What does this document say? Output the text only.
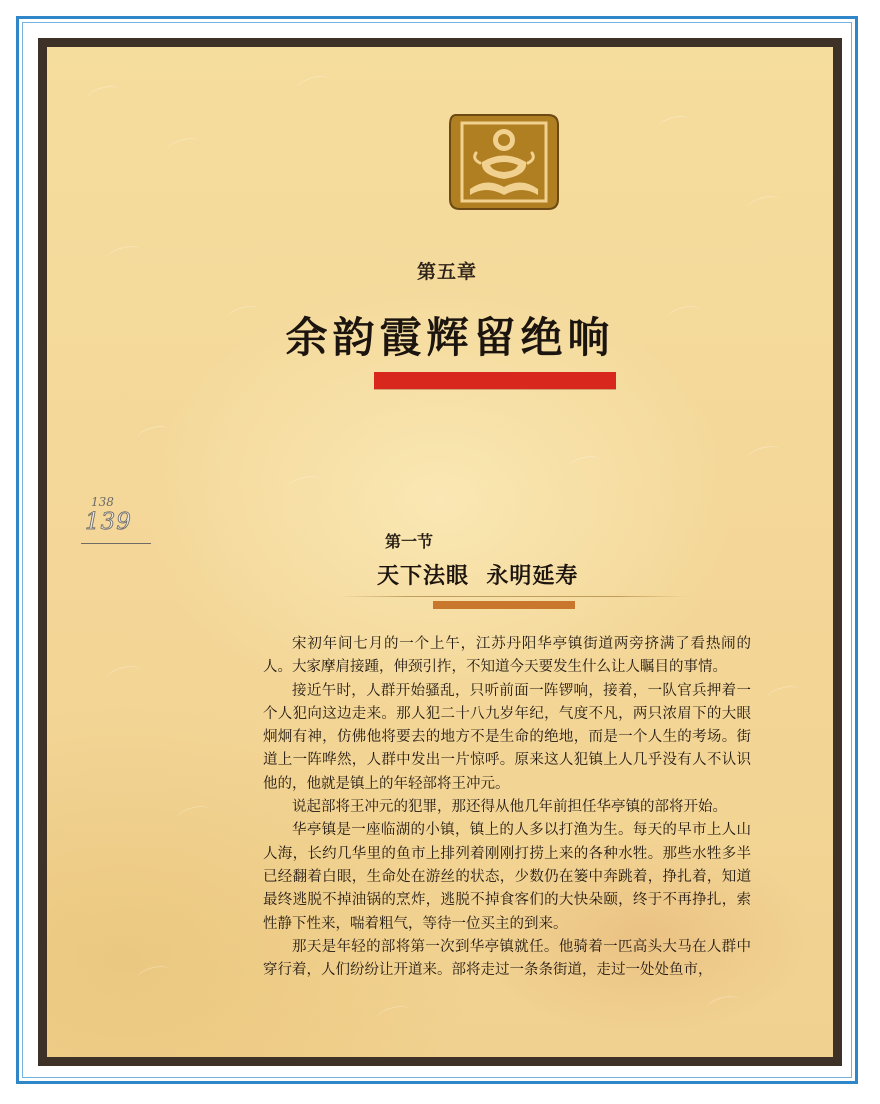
第五章
余韵霞辉留绝响
138
139
第一节
天下法眼  永明延寿

宋初年间七月的一个上午，江苏丹阳华亭镇街道两旁挤满了看热闹的人。大家摩肩接踵，伸颈引拃，不知道今天要发生什么让人瞩目的事情。

接近午时，人群开始骚乱，只听前面一阵锣响，接着，一队官兵押着一个人犯向这边走来。那人犯二十八九岁年纪，气度不凡，两只浓眉下的大眼炯炯有神，仿佛他将要去的地方不是生命的绝地，而是一个人生的考场。街道上一阵哗然，人群中发出一片惊呼。原来这人犯镇上人几乎没有人不认识他的，他就是镇上的年轻部将王冲元。

说起部将王冲元的犯罪，那还得从他几年前担任华亭镇的部将开始。

华亭镇是一座临湖的小镇，镇上的人多以打渔为生。每天的早市上人山人海，长约几华里的鱼市上排列着刚刚打捞上来的各种水牲。那些水牲多半已经翻着白眼，生命处在游丝的状态，少数仍在篓中奔跳着，挣扎着，知道最终逃脱不掉油锅的烹炸，逃脱不掉食客们的大快朵颐，终于不再挣扎，索性静下性来，喘着粗气，等待一位买主的到来。

那天是年轻的部将第一次到华亭镇就任。他骑着一匹高头大马在人群中穿行着，人们纷纷让开道来。部将走过一条条街道，走过一处处鱼市，
